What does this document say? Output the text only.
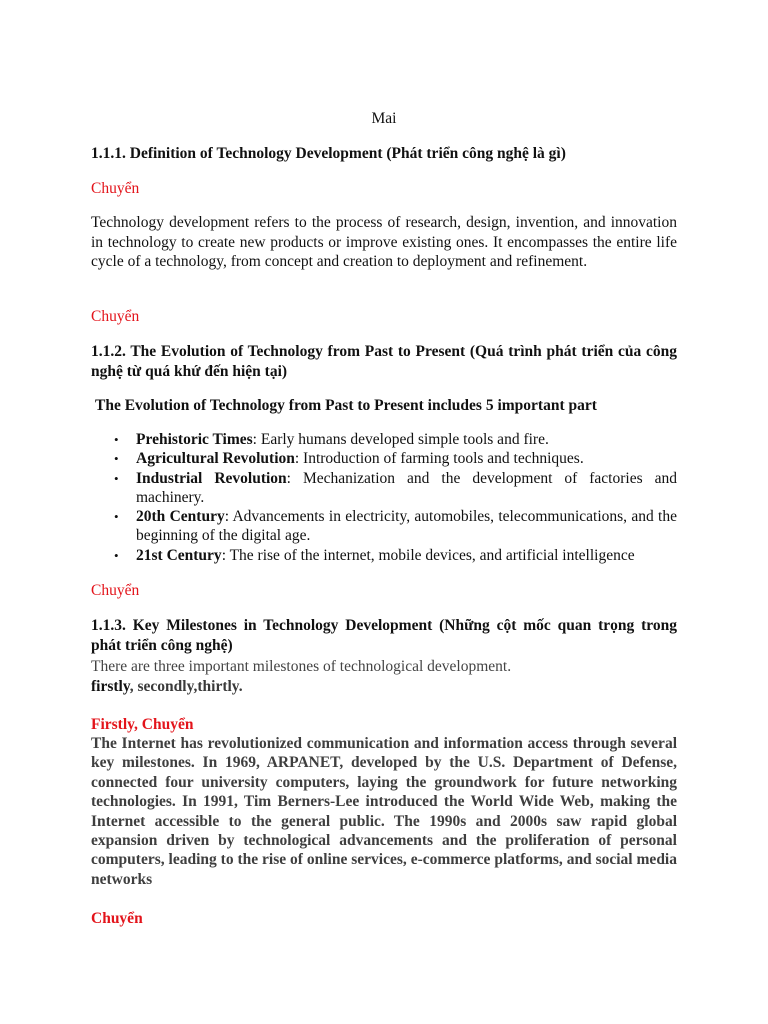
Mai

1.1.1. Definition of Technology Development (Phát triển công nghệ là gì)

Chuyển

Technology development refers to the process of research, design, invention, and innovation in technology to create new products or improve existing ones. It encompasses the entire life cycle of a technology, from concept and creation to deployment and refinement.

Chuyển

1.1.2. The Evolution of Technology from Past to Present (Quá trình phát triển của công nghệ từ quá khứ đến hiện tại)

The Evolution of Technology from Past to Present includes 5 important part

• Prehistoric Times: Early humans developed simple tools and fire.
• Agricultural Revolution: Introduction of farming tools and techniques.
• Industrial Revolution: Mechanization and the development of factories and machinery.
• 20th Century: Advancements in electricity, automobiles, telecommunications, and the beginning of the digital age.
• 21st Century: The rise of the internet, mobile devices, and artificial intelligence

Chuyển

1.1.3. Key Milestones in Technology Development (Những cột mốc quan trọng trong phát triển công nghệ)

There are three important milestones of technological development.

firstly, secondly,thirtly.

Firstly, Chuyển

The Internet has revolutionized communication and information access through several key milestones. In 1969, ARPANET, developed by the U.S. Department of Defense, connected four university computers, laying the groundwork for future networking technologies. In 1991, Tim Berners-Lee introduced the World Wide Web, making the Internet accessible to the general public. The 1990s and 2000s saw rapid global expansion driven by technological advancements and the proliferation of personal computers, leading to the rise of online services, e-commerce platforms, and social media networks

Chuyển
